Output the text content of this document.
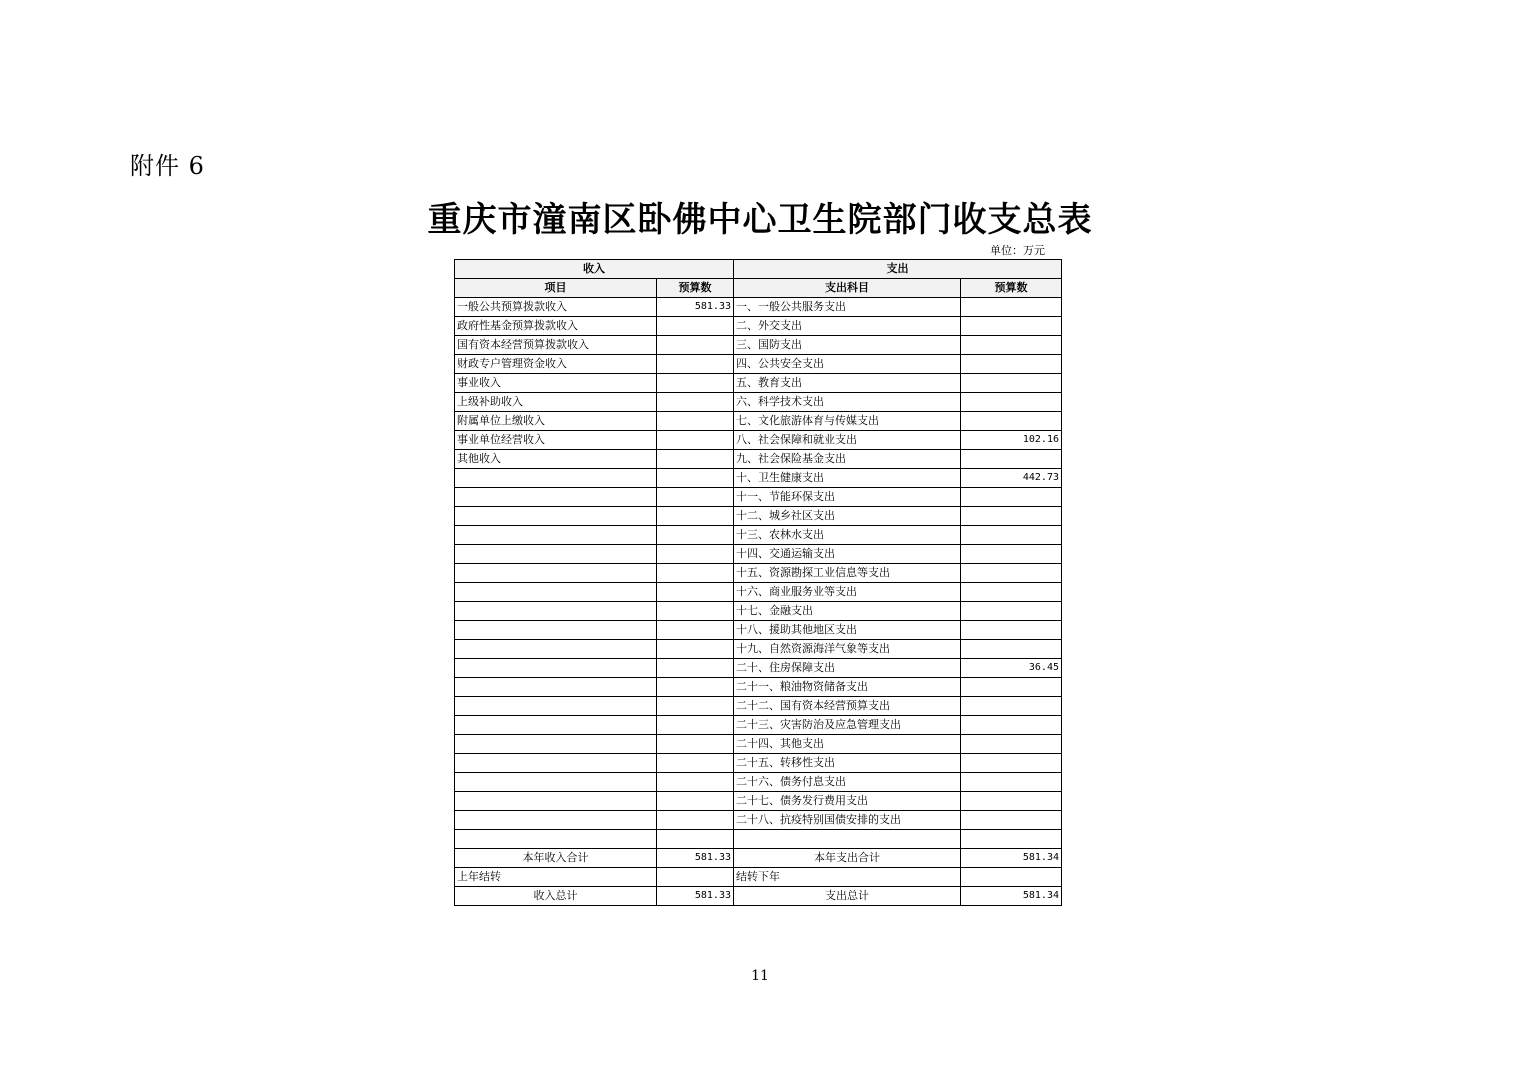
附件 6
重庆市潼南区卧佛中心卫生院部门收支总表
单位：万元
收入		支出	
项目	预算数	支出科目	预算数
一般公共预算拨款收入	581.33	一、一般公共服务支出	
政府性基金预算拨款收入		二、外交支出	
国有资本经营预算拨款收入		三、国防支出	
财政专户管理资金收入		四、公共安全支出	
事业收入		五、教育支出	
上级补助收入		六、科学技术支出	
附属单位上缴收入		七、文化旅游体育与传媒支出	
事业单位经营收入		八、社会保障和就业支出	102.16
其他收入		九、社会保险基金支出	
		十、卫生健康支出	442.73
		十一、节能环保支出	
		十二、城乡社区支出	
		十三、农林水支出	
		十四、交通运输支出	
		十五、资源勘探工业信息等支出	
		十六、商业服务业等支出	
		十七、金融支出	
		十八、援助其他地区支出	
		十九、自然资源海洋气象等支出	
		二十、住房保障支出	36.45
		二十一、粮油物资储备支出	
		二十二、国有资本经营预算支出	
		二十三、灾害防治及应急管理支出	
		二十四、其他支出	
		二十五、转移性支出	
		二十六、债务付息支出	
		二十七、债务发行费用支出	
		二十八、抗疫特别国债安排的支出	

本年收入合计	581.33	本年支出合计	581.34
上年结转		结转下年	
收入总计	581.33	支出总计	581.34
11
